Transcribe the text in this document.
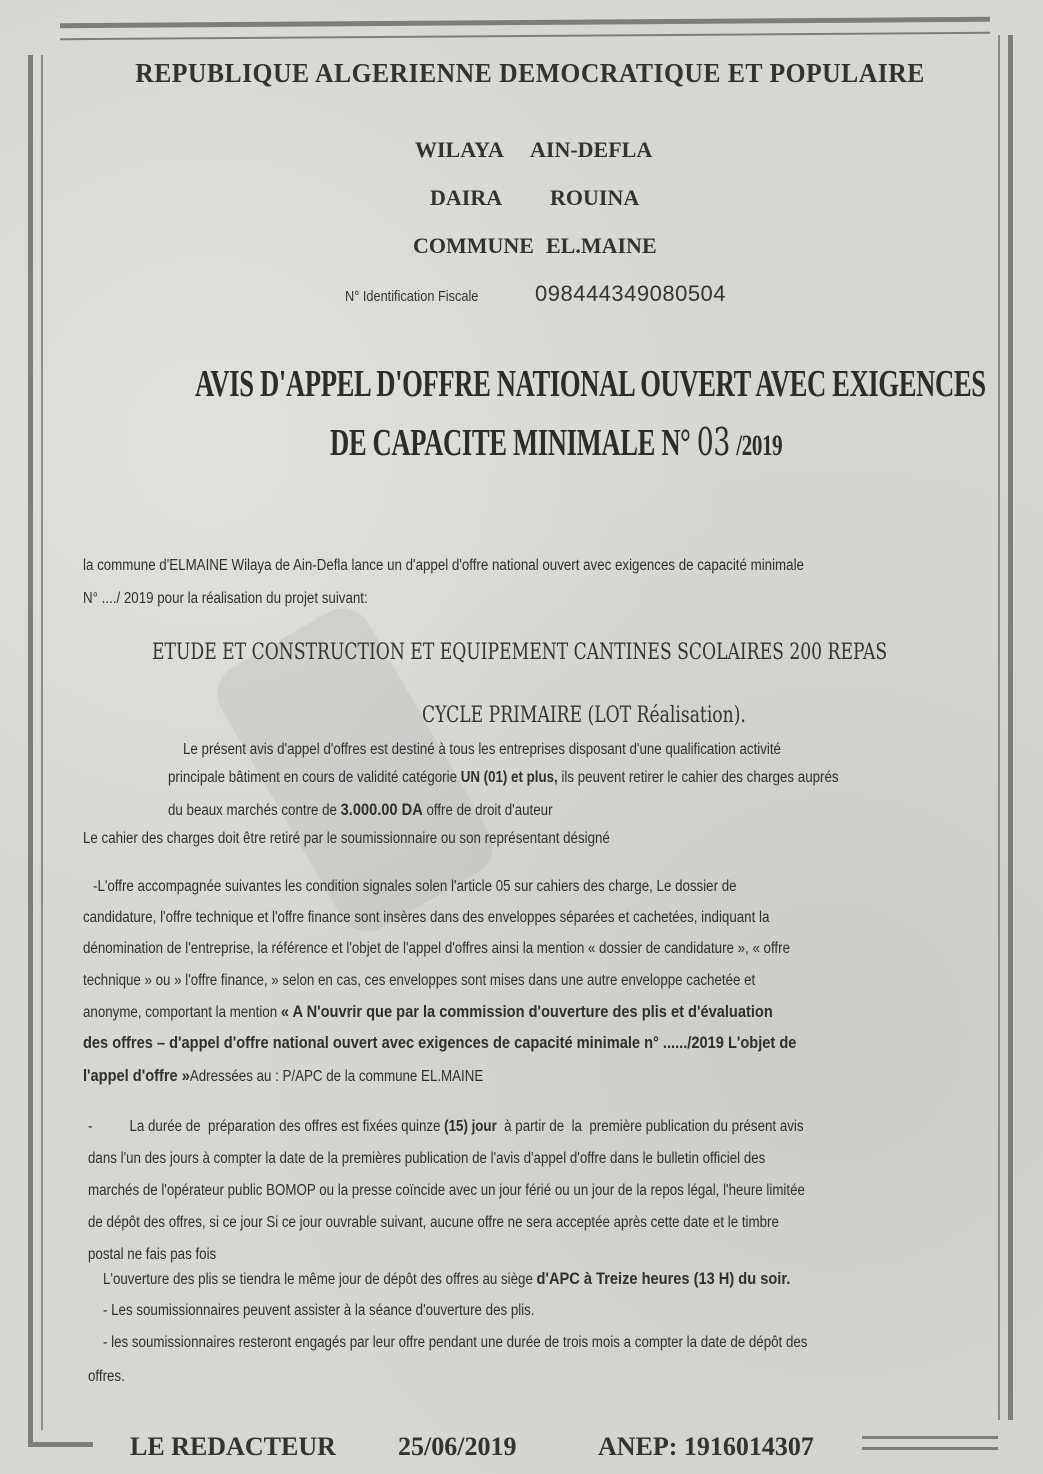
REPUBLIQUE ALGERIENNE DEMOCRATIQUE ET POPULAIRE
WILAYA AIN-DEFLA
DAIRA ROUINA
COMMUNE EL.MAINE
N° Identification Fiscale	098444349080504
AVIS D'APPEL D'OFFRE NATIONAL OUVERT AVEC EXIGENCES
DE CAPACITE MINIMALE N° 03 /2019
la commune d'ELMAINE Wilaya de Ain-Defla lance un d'appel d'offre national ouvert avec exigences de capacité minimale
N° ..../ 2019 pour la réalisation du projet suivant:
ETUDE ET CONSTRUCTION ET EQUIPEMENT CANTINES SCOLAIRES 200 REPAS
CYCLE PRIMAIRE (LOT Réalisation).
Le présent avis d'appel d'offres est destiné à tous les entreprises disposant d'une qualification activité
principale bâtiment en cours de validité catégorie UN (01) et plus, ils peuvent retirer le cahier des charges auprés
du beaux marchés contre de 3.000.00 DA offre de droit d'auteur
Le cahier des charges doit être retiré par le soumissionnaire ou son représentant désigné
-L'offre accompagnée suivantes les condition signales solen l'article 05 sur cahiers des charge, Le dossier de
candidature, l'offre technique et l'offre finance sont insères dans des enveloppes séparées et cachetées, indiquant la
dénomination de l'entreprise, la référence et l'objet de l'appel d'offres ainsi la mention « dossier de candidature », « offre
technique » ou » l'offre finance, » selon en cas, ces enveloppes sont mises dans une autre enveloppe cachetée et
anonyme, comportant la mention « A N'ouvrir que par la commission d'ouverture des plis et d'évaluation
des offres – d'appel d'offre national ouvert avec exigences de capacité minimale n° ....../2019 L'objet de
l'appel d'offre »Adressées au : P/APC de la commune EL.MAINE
-          La durée de  préparation des offres est fixées quinze (15) jour  à partir de  la  première publication du présent avis
dans l'un des jours à compter la date de la premières publication de l'avis d'appel d'offre dans le bulletin officiel des
marchés de l'opérateur public BOMOP ou la presse coïncide avec un jour férié ou un jour de la repos légal, l'heure limitée
de dépôt des offres, si ce jour Si ce jour ouvrable suivant, aucune offre ne sera acceptée après cette date et le timbre
postal ne fais pas fois
L'ouverture des plis se tiendra le même jour de dépôt des offres au siège d'APC à Treize heures (13 H) du soir.
- Les soumissionnaires peuvent assister à la séance d'ouverture des plis.
- les soumissionnaires resteront engagés par leur offre pendant une durée de trois mois a compter la date de dépôt des
offres.
LE REDACTEUR 25/06/2019	ANEP: 1916014307
